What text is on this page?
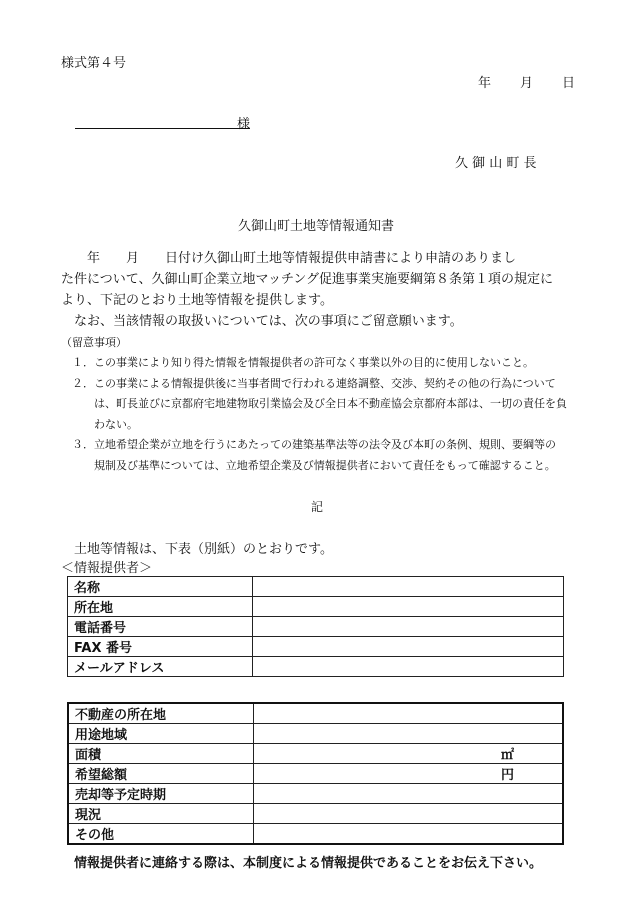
様式第４号
年　　月　　日
様
久 御 山 町 長
久御山町土地等情報通知書
　　年　　月　　日付け久御山町土地等情報提供申請書により申請のありまし
た件について、久御山町企業立地マッチング促進事業実施要綱第８条第１項の規定に
より、下記のとおり土地等情報を提供します。
　なお、当該情報の取扱いについては、次の事項にご留意願います。
（留意事項）
　１．この事業により知り得た情報を情報提供者の許可なく事業以外の目的に使用しないこと。
　２．この事業による情報提供後に当事者間で行われる連絡調整、交渉、契約その他の行為について
　　　は、町長並びに京都府宅地建物取引業協会及び全日本不動産協会京都府本部は、一切の責任を負
　　　わない。
　３．立地希望企業が立地を行うにあたっての建築基準法等の法令及び本町の条例、規則、要綱等の
　　　規制及び基準については、立地希望企業及び情報提供者において責任をもって確認すること。
記
　土地等情報は、下表（別紙）のとおりです。
＜情報提供者＞
名称	
所在地	
電話番号	
FAX 番号	
メールアドレス	
不動産の所在地	
用途地域	
面積	㎡
希望総額	円
売却等予定時期	
現況	
その他	
情報提供者に連絡する際は、本制度による情報提供であることをお伝え下さい。
